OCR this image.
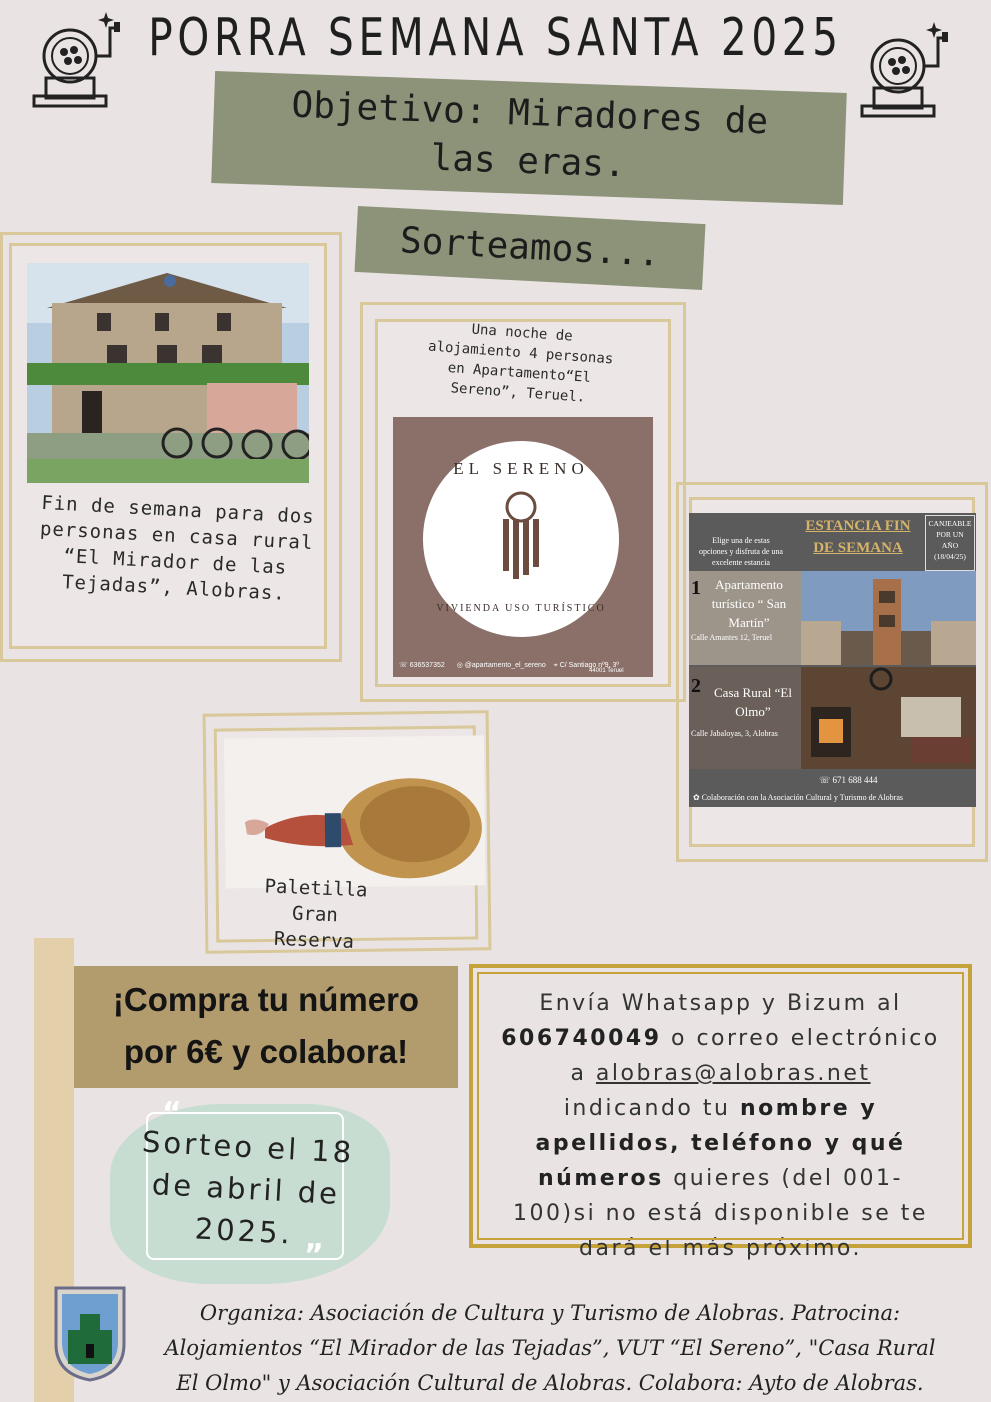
PORRA SEMANA SANTA 2025
Objetivo: Miradores de
las eras.
Sorteamos...
Fin de semana para dos
personas en casa rural
“El Mirador de las
Tejadas”, Alobras.
Una noche de
alojamiento 4 personas
en Apartamento“El
Sereno”, Teruel.
EL SERENO
VIVIENDA USO TURÍSTICO
☏ 636537352 ◎ @apartamento_el_sereno ⌖ C/ Santiago nº9, 3º
44001 Teruel
Elige una de estas
opciones y disfruta de una
excelente estancia
ESTANCIA FIN
DE SEMANA
CANJEABLE
POR UN
AÑO
(18/04/25)
1	Apartamento
turístico “ San
Martín”
Calle Amantes 12, Teruel
2	Casa Rural “El
Olmo”
Calle Jabaloyas, 3, Alobras
☏ 671 688 444
✿ Colaboración con la Asociación Cultural y Turismo de Alobras
Paletilla Gran
Reserva
¡Compra tu número
por 6€ y colabora!
“
”
Sorteo el 18
de abril de
2025.
Envía Whatsapp y Bizum al
606740049 o correo electrónico
a alobras@alobras.net
indicando tu nombre y
apellidos, teléfono y qué
números quieres (del 001-
100)si no está disponible se te
dará el más próximo.
Organiza: Asociación de Cultura y Turismo de Alobras. Patrocina:
Alojamientos “El Mirador de las Tejadas”, VUT “El Sereno”, "Casa Rural
El Olmo" y Asociación Cultural de Alobras. Colabora: Ayto de Alobras.
